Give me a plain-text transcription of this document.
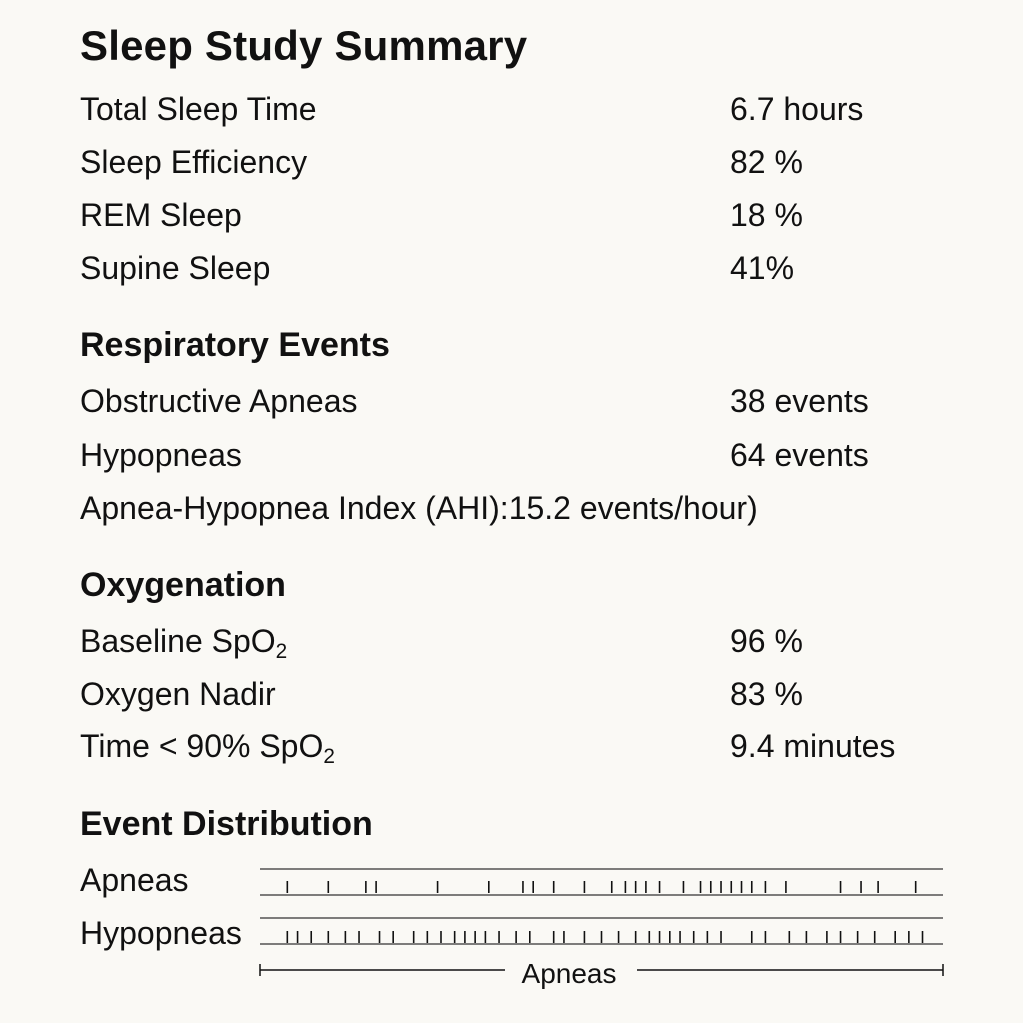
Sleep Study Summary
Total Sleep Time	6.7 hours
Sleep Efficiency	82 %
REM Sleep	18 %
Supine Sleep	41%
Respiratory Events
Obstructive Apneas	38 events
Hypopneas	64 events
Apnea-Hypopnea Index (AHI):15.2 events/hour)
Oxygenation
Baseline SpO$_2$	96 %
Oxygen Nadir	83 %
Time < 90% SpO$_2$	9.4 minutes
Event Distribution
Apneas
Hypopneas
Apneas
